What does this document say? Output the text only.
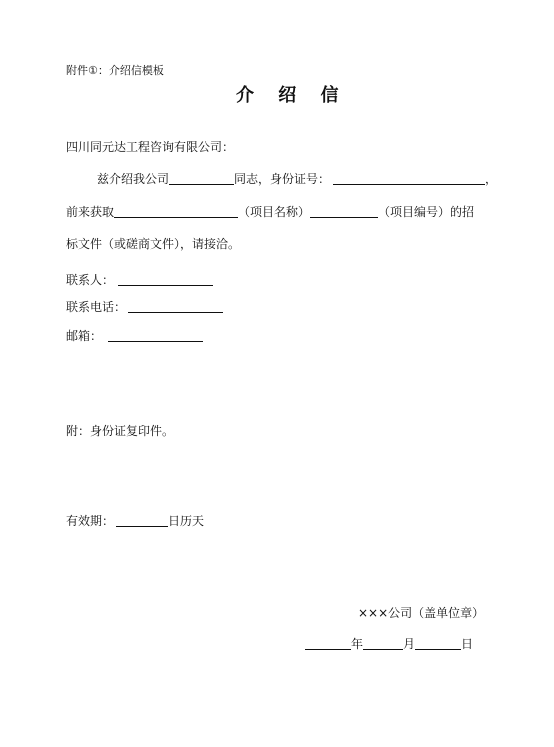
附件①：介绍信模板
介 绍 信
四川同元达工程咨询有限公司：
兹介绍我公司	同志，身份证号：	，
前来获取	（项目名称）	（项目编号）的招
标文件（或磋商文件），请接洽。
联系人：
联系电话：
邮箱：
附：身份证复印件。
有效期：	日历天
×××公司（盖单位章）
年	月	日
